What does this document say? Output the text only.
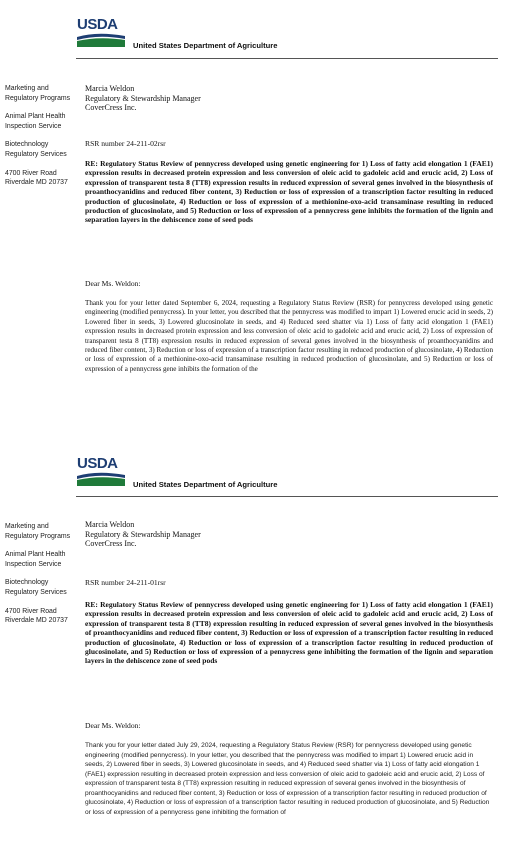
USDA
United States Department of Agriculture
Marketing and Regulatory Programs
Animal Plant Health Inspection Service
Biotechnology Regulatory Services
4700 River Road Riverdale MD 20737
Marcia Weldon
Regulatory & Stewardship Manager
CoverCress Inc.
RSR number 24-211-02rsr
RE: Regulatory Status Review of pennycress developed using genetic engineering for 1) Loss of fatty acid elongation 1 (FAE1) expression results in decreased protein expression and less conversion of oleic acid to gadoleic acid and erucic acid, 2) Loss of expression of transparent testa 8 (TT8) expression results in reduced expression of several genes involved in the biosynthesis of proanthocyanidins and reduced fiber content, 3) Reduction or loss of expression of a transcription factor resulting in reduced production of glucosinolate, 4) Reduction or loss of expression of a methionine-oxo-acid transaminase resulting in reduced production of glucosinolate, and 5) Reduction or loss of expression of a pennycress gene inhibits the formation of the lignin and separation layers in the dehiscence zone of seed pods
Dear Ms. Weldon:
Thank you for your letter dated September 6, 2024, requesting a Regulatory Status Review (RSR) for pennycress developed using genetic engineering (modified pennycress). In your letter, you described that the pennycress was modified to impart 1) Lowered erucic acid in seeds, 2) Lowered fiber in seeds, 3) Lowered glucosinolate in seeds, and 4) Reduced seed shatter via 1) Loss of fatty acid elongation 1 (FAE1) expression results in decreased protein expression and less conversion of oleic acid to gadoleic acid and erucic acid, 2) Loss of expression of transparent testa 8 (TT8) expression results in reduced expression of several genes involved in the biosynthesis of proanthocyanidins and reduced fiber content, 3) Reduction or loss of expression of a transcription factor resulting in reduced production of glucosinolate, 4) Reduction or loss of expression of a methionine-oxo-acid transaminase resulting in reduced production of glucosinolate, and 5) Reduction or loss of expression of a pennycress gene inhibits the formation of the
USDA
United States Department of Agriculture
Marketing and Regulatory Programs
Animal Plant Health Inspection Service
Biotechnology Regulatory Services
4700 River Road Riverdale MD 20737
Marcia Weldon
Regulatory & Stewardship Manager
CoverCress Inc.
RSR number 24-211-01rsr
RE: Regulatory Status Review of pennycress developed using genetic engineering for 1) Loss of fatty acid elongation 1 (FAE1) expression results in decreased protein expression and less conversion of oleic acid to gadoleic acid and erucic acid, 2) Loss of expression of transparent testa 8 (TT8) expression resulting in reduced expression of several genes involved in the biosynthesis of proanthocyanidins and reduced fiber content, 3) Reduction or loss of expression of a transcription factor resulting in reduced production of glucosinolate, 4) Reduction or loss of expression of a transcription factor resulting in reduced production of glucosinolate, and 5) Reduction or loss of expression of a pennycress gene inhibiting the formation of the lignin and separation layers in the dehiscence zone of seed pods
Dear Ms. Weldon:
Thank you for your letter dated July 29, 2024, requesting a Regulatory Status Review (RSR) for pennycress developed using genetic engineering (modified pennycress). In your letter, you described that the pennycress was modified to impart 1) Lowered erucic acid in seeds, 2) Lowered fiber in seeds, 3) Lowered glucosinolate in seeds, and 4) Reduced seed shatter via 1) Loss of fatty acid elongation 1 (FAE1) expression resulting in decreased protein expression and less conversion of oleic acid to gadoleic acid and erucic acid, 2) Loss of expression of transparent testa 8 (TT8) expression resulting in reduced expression of several genes involved in the biosynthesis of proanthocyanidins and reduced fiber content, 3) Reduction or loss of expression of a transcription factor resulting in reduced production of glucosinolate, 4) Reduction or loss of expression of a transcription factor resulting in reduced production of glucosinolate, and 5) Reduction or loss of expression of a pennycress gene inhibiting the formation of
